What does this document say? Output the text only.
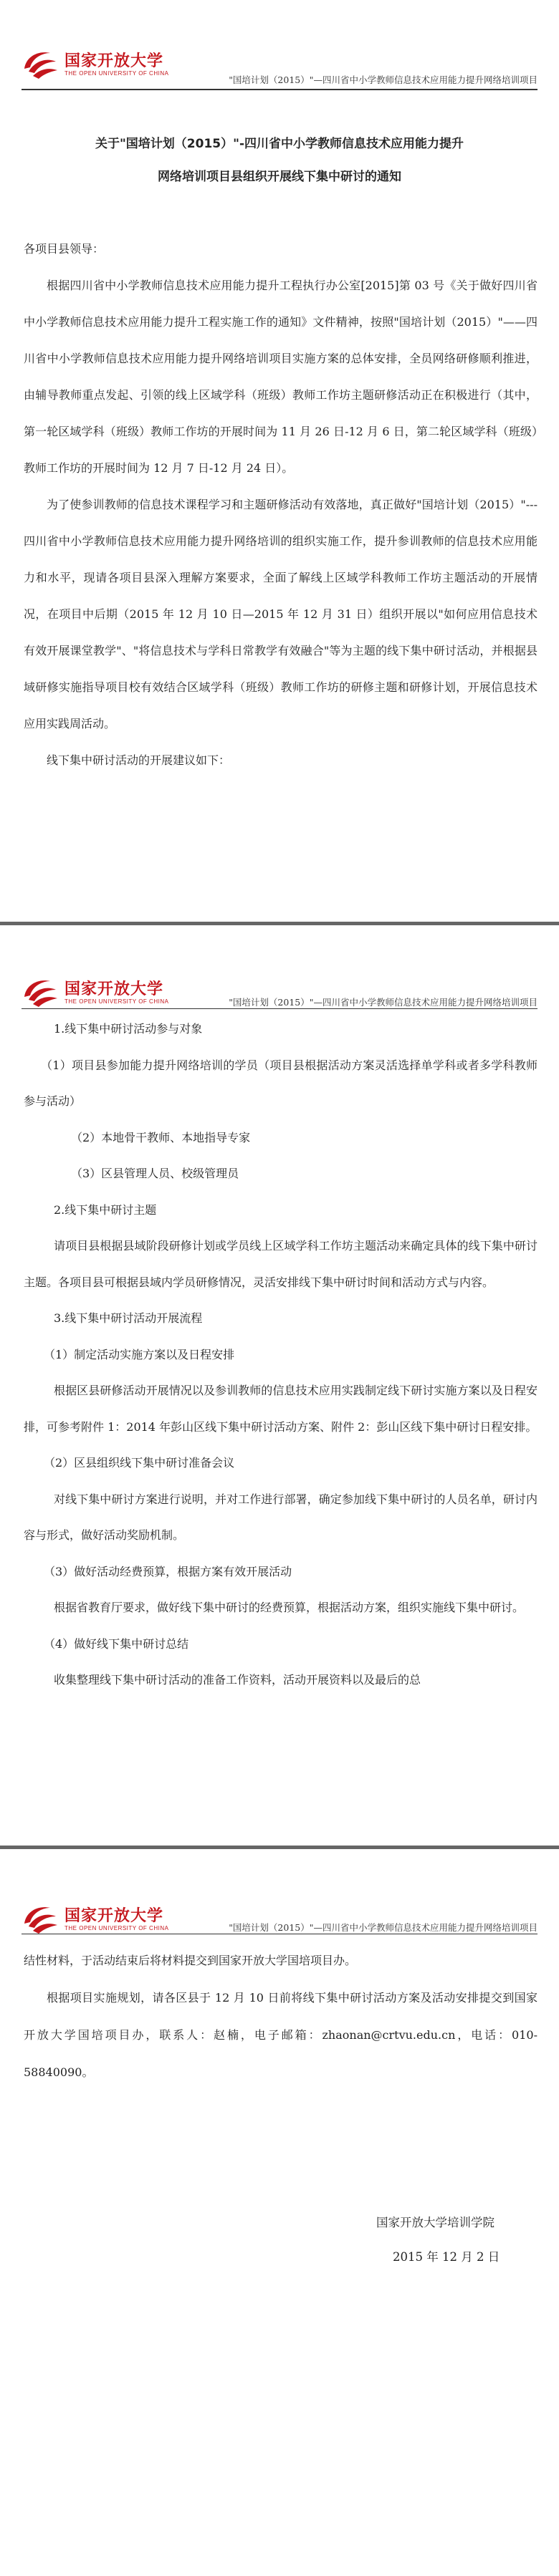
国家开放大学
THE OPEN UNIVERSITY OF CHINA
"国培计划（2015）"—四川省中小学教师信息技术应用能力提升网络培训项目
关于"国培计划（2015）"-四川省中小学教师信息技术应用能力提升
网络培训项目县组织开展线下集中研讨的通知

各项目县领导：

根据四川省中小学教师信息技术应用能力提升工程执行办公室[2015]第 03 号《关于做好四川省中小学教师信息技术应用能力提升工程实施工作的通知》文件精神，按照"国培计划（2015）"——四川省中小学教师信息技术应用能力提升网络培训项目实施方案的总体安排，全员网络研修顺利推进，由辅导教师重点发起、引领的线上区域学科（班级）教师工作坊主题研修活动正在积极进行（其中，第一轮区域学科（班级）教师工作坊的开展时间为 11 月 26 日-12 月 6 日，第二轮区域学科（班级）教师工作坊的开展时间为 12 月 7 日-12 月 24 日）。

为了使参训教师的信息技术课程学习和主题研修活动有效落地，真正做好"国培计划（2015）"---四川省中小学教师信息技术应用能力提升网络培训的组织实施工作，提升参训教师的信息技术应用能力和水平，现请各项目县深入理解方案要求，全面了解线上区域学科教师工作坊主题活动的开展情况，在项目中后期（2015 年 12 月 10 日—2015 年 12 月 31 日）组织开展以"如何应用信息技术有效开展课堂教学"、"将信息技术与学科日常教学有效融合"等为主题的线下集中研讨活动，并根据县域研修实施指导项目校有效结合区域学科（班级）教师工作坊的研修主题和研修计划，开展信息技术应用实践周活动。

线下集中研讨活动的开展建议如下：

国家开放大学
THE OPEN UNIVERSITY OF CHINA	"国培计划（2015）"—四川省中小学教师信息技术应用能力提升网络培训项目

1.线下集中研讨活动参与对象

（1）项目县参加能力提升网络培训的学员（项目县根据活动方案灵活选择单学科或者多学科教师参与活动）

（2）本地骨干教师、本地指导专家

（3）区县管理人员、校级管理员

2.线下集中研讨主题

请项目县根据县域阶段研修计划或学员线上区域学科工作坊主题活动来确定具体的线下集中研讨主题。各项目县可根据县域内学员研修情况，灵活安排线下集中研讨时间和活动方式与内容。

3.线下集中研讨活动开展流程

（1）制定活动实施方案以及日程安排

根据区县研修活动开展情况以及参训教师的信息技术应用实践制定线下研讨实施方案以及日程安排，可参考附件 1：2014 年彭山区线下集中研讨活动方案、附件 2：彭山区线下集中研讨日程安排。

（2）区县组织线下集中研讨准备会议

对线下集中研讨方案进行说明，并对工作进行部署，确定参加线下集中研讨的人员名单，研讨内容与形式，做好活动奖励机制。

（3）做好活动经费预算，根据方案有效开展活动

根据省教育厅要求，做好线下集中研讨的经费预算，根据活动方案，组织实施线下集中研讨。

（4）做好线下集中研讨总结

收集整理线下集中研讨活动的准备工作资料，活动开展资料以及最后的总

国家开放大学
THE OPEN UNIVERSITY OF CHINA	"国培计划（2015）"—四川省中小学教师信息技术应用能力提升网络培训项目

结性材料，于活动结束后将材料提交到国家开放大学国培项目办。

根据项目实施规划，请各区县于 12 月 10 日前将线下集中研讨活动方案及活动安排提交到国家开放大学国培项目办，联系人：赵楠，电子邮箱：zhaonan@crtvu.edu.cn，电话：010-58840090。

国家开放大学培训学院
2015 年 12 月 2 日
